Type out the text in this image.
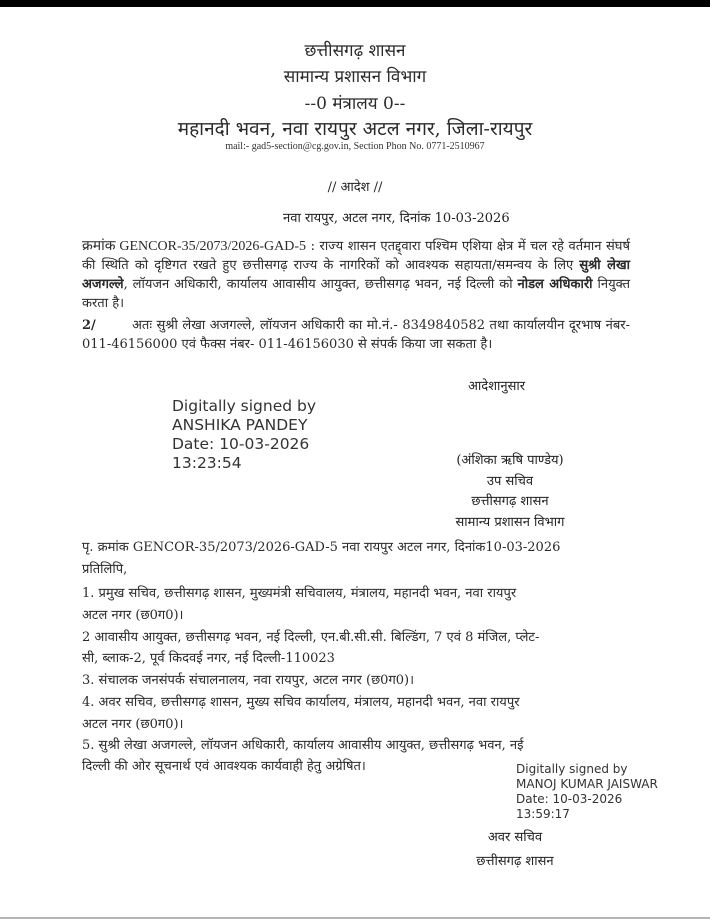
छत्तीसगढ़ शासन
सामान्य प्रशासन विभाग
--0 मंत्रालय 0--
महानदी भवन, नवा रायपुर अटल नगर, जिला-रायपुर
mail:- gad5-section@cg.gov.in, Section Phon No. 0771-2510967
// आदेश //
नवा रायपुर, अटल नगर, दिनांक 10-03-2026
क्रमांक GENCOR-35/2073/2026-GAD-5 : राज्य शासन एतद्द्वारा पश्चिम एशिया क्षेत्र में चल रहे वर्तमान संघर्ष की स्थिति को दृष्टिगत रखते हुए छत्तीसगढ़ राज्य के नागरिकों को आवश्यक सहायता/समन्वय के लिए सुश्री लेखा अजगल्ले, लॉयजन अधिकारी, कार्यालय आवासीय आयुक्त, छत्तीसगढ़ भवन, नई दिल्ली को नोडल अधिकारी नियुक्त करता है।
2/	अतः सुश्री लेखा अजगल्ले, लॉयजन अधिकारी का मो.नं.- 8349840582 तथा कार्यालयीन दूरभाष नंबर- 011-46156000 एवं फैक्स नंबर- 011-46156030 से संपर्क किया जा सकता है।
आदेशानुसार
Digitally signed by
ANSHIKA PANDEY
Date: 10-03-2026
13:23:54	(अंशिका ऋषि पाण्डेय)
उप सचिव
छत्तीसगढ़ शासन
सामान्य प्रशासन विभाग
पृ. क्रमांक GENCOR-35/2073/2026-GAD-5 नवा रायपुर अटल नगर, दिनांक10-03-2026
प्रतिलिपि,
1. प्रमुख सचिव, छत्तीसगढ़ शासन, मुख्यमंत्री सचिवालय, मंत्रालय, महानदी भवन, नवा रायपुर
अटल नगर (छ0ग0)।
2 आवासीय आयुक्त, छत्तीसगढ़ भवन, नई दिल्ली, एन.बी.सी.सी. बिल्डिंग, 7 एवं 8 मंजिल, प्लेट-
सी, ब्लाक-2, पूर्व किदवई नगर, नई दिल्ली-110023
3. संचालक जनसंपर्क संचालनालय, नवा रायपुर, अटल नगर (छ0ग0)।
4. अवर सचिव, छत्तीसगढ़ शासन, मुख्य सचिव कार्यालय, मंत्रालय, महानदी भवन, नवा रायपुर
अटल नगर (छ0ग0)।
5. सुश्री लेखा अजगल्ले, लॉयजन अधिकारी, कार्यालय आवासीय आयुक्त, छत्तीसगढ़ भवन, नई
दिल्ली की ओर सूचनार्थ एवं आवश्यक कार्यवाही हेतु अग्रेषित।	Digitally signed by
MANOJ KUMAR JAISWAR
Date: 10-03-2026
13:59:17
अवर सचिव
छत्तीसगढ़ शासन
